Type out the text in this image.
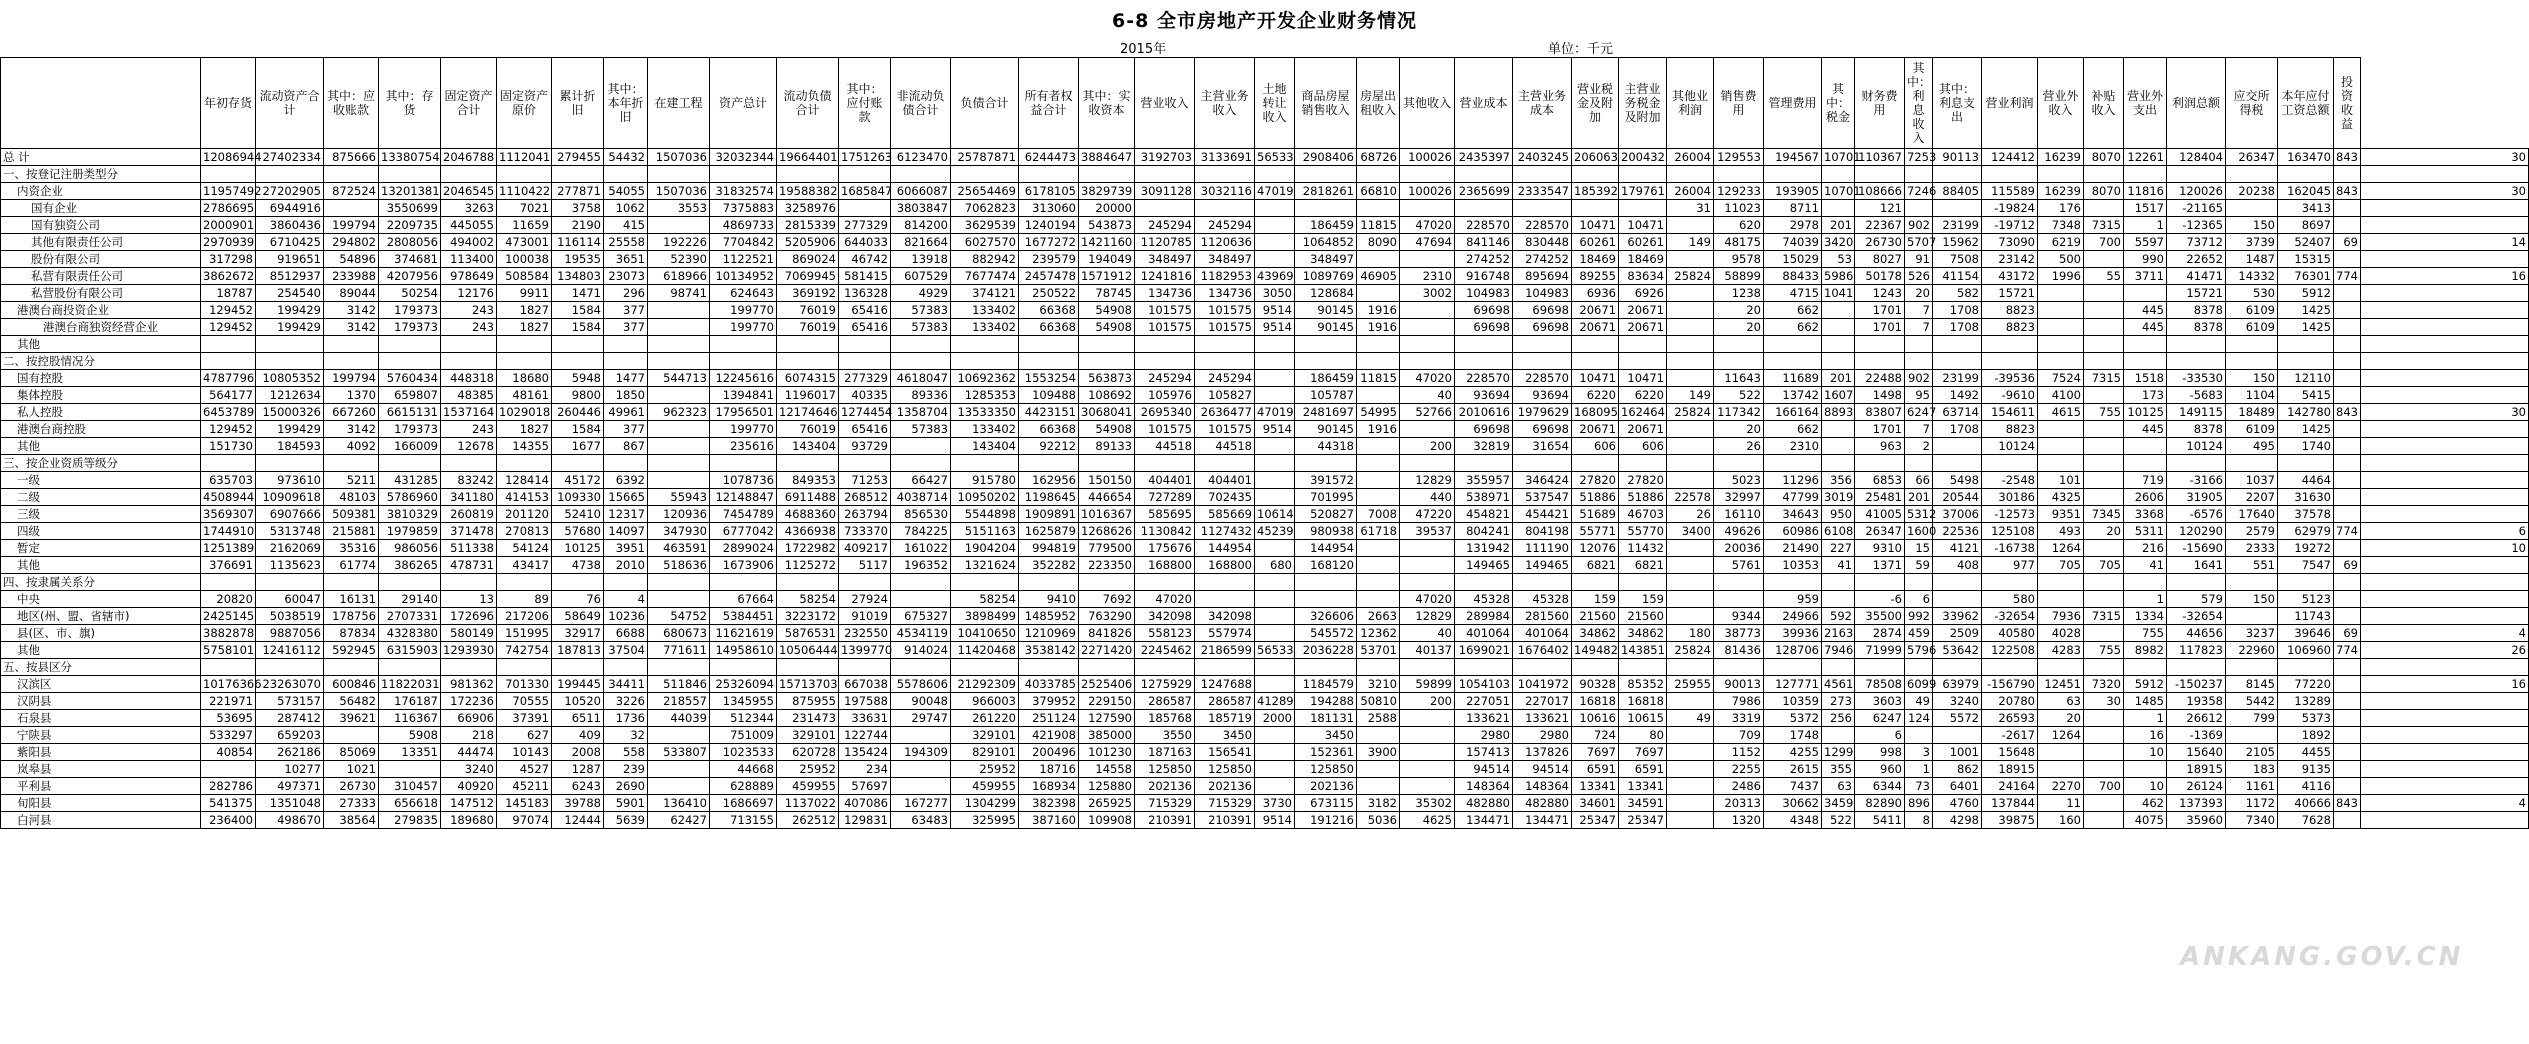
6-8 全市房地产开发企业财务情况
2015年	单位：千元
	年初存货	流动资产合计	其中：应收账款	其中：存货	固定资产合计	固定资产原价	累计折旧	其中：本年折旧	在建工程	资产总计	流动负债合计	其中：应付账款	非流动负债合计	负债合计	所有者权益合计	其中：实收资本	营业收入	主营业务收入	土地转让收入	商品房屋销售收入	房屋出租收入	其他收入	营业成本	主营业务成本	营业税金及附加	主营业务税金及附加	其他业利润	销售费用	管理费用	其中：税金	财务费用	其中：利息收入	其中：利息支出	营业利润	营业外收入	补贴收入	营业外支出	利润总额	应交所得税	本年应付工资总额	投资收益	
总 计	12086944	27402334	875666	13380754	2046788	1112041	279455	54432	1507036	32032344	19664401	1751263	6123470	25787871	6244473	3884647	3192703	3133691	56533	2908406	68726	100026	2435397	2403245	206063	200432	26004	129553	194567	10701	110367	7253	90113	124412	16239	8070	12261	128404	26347	163470	843	30
一、按登记注册类型分																																										
内资企业	11957492	27202905	872524	13201381	2046545	1110422	277871	54055	1507036	31832574	19588382	1685847	6066087	25654469	6178105	3829739	3091128	3032116	47019	2818261	66810	100026	2365699	2333547	185392	179761	26004	129233	193905	10701	108666	7246	88405	115589	16239	8070	11816	120026	20238	162045	843	30
国有企业	2786695	6944916		3550699	3263	7021	3758	1062	3553	7375883	3258976		3803847	7062823	313060	20000											31	11023	8711		121			-19824	176		1517	-21165		3413		
国有独资公司	2000901	3860436	199794	2209735	445055	11659	2190	415		4869733	2815339	277329	814200	3629539	1240194	543873	245294	245294		186459	11815	47020	228570	228570	10471	10471		620	2978	201	22367	902	23199	-19712	7348	7315	1	-12365	150	8697		
其他有限责任公司	2970939	6710425	294802	2808056	494002	473001	116114	25558	192226	7704842	5205906	644033	821664	6027570	1677272	1421160	1120785	1120636		1064852	8090	47694	841146	830448	60261	60261	149	48175	74039	3420	26730	5707	15962	73090	6219	700	5597	73712	3739	52407	69	14
股份有限公司	317298	919651	54896	374681	113400	100038	19535	3651	52390	1122521	869024	46742	13918	882942	239579	194049	348497	348497		348497			274252	274252	18469	18469		9578	15029	53	8027	91	7508	23142	500		990	22652	1487	15315		
私营有限责任公司	3862672	8512937	233988	4207956	978649	508584	134803	23073	618966	10134952	7069945	581415	607529	7677474	2457478	1571912	1241816	1182953	43969	1089769	46905	2310	916748	895694	89255	83634	25824	58899	88433	5986	50178	526	41154	43172	1996	55	3711	41471	14332	76301	774	16
私营股份有限公司	18787	254540	89044	50254	12176	9911	1471	296	98741	624643	369192	136328	4929	374121	250522	78745	134736	134736	3050	128684		3002	104983	104983	6936	6926		1238	4715	1041	1243	20	582	15721				15721	530	5912		
港澳台商投资企业	129452	199429	3142	179373	243	1827	1584	377		199770	76019	65416	57383	133402	66368	54908	101575	101575	9514	90145	1916		69698	69698	20671	20671		20	662		1701	7	1708	8823			445	8378	6109	1425		
港澳台商独资经营企业	129452	199429	3142	179373	243	1827	1584	377		199770	76019	65416	57383	133402	66368	54908	101575	101575	9514	90145	1916		69698	69698	20671	20671		20	662		1701	7	1708	8823			445	8378	6109	1425		
其他																																										
二、按控股情况分																																										
国有控股	4787796	10805352	199794	5760434	448318	18680	5948	1477	544713	12245616	6074315	277329	4618047	10692362	1553254	563873	245294	245294		186459	11815	47020	228570	228570	10471	10471		11643	11689	201	22488	902	23199	-39536	7524	7315	1518	-33530	150	12110		
集体控股	564177	1212634	1370	659807	48385	48161	9800	1850		1394841	1196017	40335	89336	1285353	109488	108692	105976	105827		105787		40	93694	93694	6220	6220	149	522	13742	1607	1498	95	1492	-9610	4100		173	-5683	1104	5415		
私人控股	6453789	15000326	667260	6615131	1537164	1029018	260446	49961	962323	17956501	12174646	1274454	1358704	13533350	4423151	3068041	2695340	2636477	47019	2481697	54995	52766	2010616	1979629	168095	162464	25824	117342	166164	8893	83807	6247	63714	154611	4615	755	10125	149115	18489	142780	843	30
港澳台商控股	129452	199429	3142	179373	243	1827	1584	377		199770	76019	65416	57383	133402	66368	54908	101575	101575	9514	90145	1916		69698	69698	20671	20671		20	662		1701	7	1708	8823			445	8378	6109	1425		
其他	151730	184593	4092	166009	12678	14355	1677	867		235616	143404	93729		143404	92212	89133	44518	44518		44318		200	32819	31654	606	606		26	2310		963	2		10124				10124	495	1740		
三、按企业资质等级分																																										
一级	635703	973610	5211	431285	83242	128414	45172	6392		1078736	849353	71253	66427	915780	162956	150150	404401	404401		391572		12829	355957	346424	27820	27820		5023	11296	356	6853	66	5498	-2548	101		719	-3166	1037	4464		
二级	4508944	10909618	48103	5786960	341180	414153	109330	15665	55943	12148847	6911488	268512	4038714	10950202	1198645	446654	727289	702435		701995		440	538971	537547	51886	51886	22578	32997	47799	3019	25481	201	20544	30186	4325		2606	31905	2207	31630		
三级	3569307	6907666	509381	3810329	260819	201120	52410	12317	120936	7454789	4688360	263794	856530	5544898	1909891	1016367	585695	585669	10614	520827	7008	47220	454821	454421	51689	46703	26	16110	34643	950	41005	5312	37006	-12573	9351	7345	3368	-6576	17640	37578		
四级	1744910	5313748	215881	1979859	371478	270813	57680	14097	347930	6777042	4366938	733370	784225	5151163	1625879	1268626	1130842	1127432	45239	980938	61718	39537	804241	804198	55771	55770	3400	49626	60986	6108	26347	1600	22536	125108	493	20	5311	120290	2579	62979	774	6
暂定	1251389	2162069	35316	986056	511338	54124	10125	3951	463591	2899024	1722982	409217	161022	1904204	994819	779500	175676	144954		144954			131942	111190	12076	11432		20036	21490	227	9310	15	4121	-16738	1264		216	-15690	2333	19272		10
其他	376691	1135623	61774	386265	478731	43417	4738	2010	518636	1673906	1125272	5117	196352	1321624	352282	223350	168800	168800	680	168120			149465	149465	6821	6821		5761	10353	41	1371	59	408	977	705	705	41	1641	551	7547	69	
四、按隶属关系分																																										
中央	20820	60047	16131	29140	13	89	76	4		67664	58254	27924		58254	9410	7692	47020					47020	45328	45328	159	159			959		-6	6		580			1	579	150	5123		
地区(州、盟、省辖市)	2425145	5038519	178756	2707331	172696	217206	58649	10236	54752	5384451	3223172	91019	675327	3898499	1485952	763290	342098	342098		326606	2663	12829	289984	281560	21560	21560		9344	24966	592	35500	992	33962	-32654	7936	7315	1334	-32654		11743		
县(区、市、旗)	3882878	9887056	87834	4328380	580149	151995	32917	6688	680673	11621619	5876531	232550	4534119	10410650	1210969	841826	558123	557974		545572	12362	40	401064	401064	34862	34862	180	38773	39936	2163	2874	459	2509	40580	4028		755	44656	3237	39646	69	4
其他	5758101	12416112	592945	6315903	1293930	742754	187813	37504	771611	14958610	10506444	1399770	914024	11420468	3538142	2271420	2245462	2186599	56533	2036228	53701	40137	1699021	1676402	149482	143851	25824	81436	128706	7946	71999	5796	53642	122508	4283	755	8982	117823	22960	106960	774	26
五、按县区分																																										
汉滨区	10176366	23263070	600846	11822031	981362	701330	199445	34411	511846	25326094	15713703	667038	5578606	21292309	4033785	2525406	1275929	1247688		1184579	3210	59899	1054103	1041972	90328	85352	25955	90013	127771	4561	78508	6099	63979	-156790	12451	7320	5912	-150237	8145	77220		16
汉阴县	221971	573157	56482	176187	172236	70555	10520	3226	218557	1345955	875955	197588	90048	966003	379952	229150	286587	286587	41289	194288	50810	200	227051	227017	16818	16818		7986	10359	273	3603	49	3240	20780	63	30	1485	19358	5442	13289		
石泉县	53695	287412	39621	116367	66906	37391	6511	1736	44039	512344	231473	33631	29747	261220	251124	127590	185768	185719	2000	181131	2588		133621	133621	10616	10615	49	3319	5372	256	6247	124	5572	26593	20		1	26612	799	5373		
宁陕县	533297	659203		5908	218	627	409	32		751009	329101	122744		329101	421908	385000	3550	3450		3450			2980	2980	724	80		709	1748		6			-2617	1264		16	-1369		1892		
紫阳县	40854	262186	85069	13351	44474	10143	2008	558	533807	1023533	620728	135424	194309	829101	200496	101230	187163	156541		152361	3900		157413	137826	7697	7697		1152	4255	1299	998	3	1001	15648			10	15640	2105	4455		
岚皋县		10277	1021		3240	4527	1287	239		44668	25952	234		25952	18716	14558	125850	125850		125850			94514	94514	6591	6591		2255	2615	355	960	1	862	18915				18915	183	9135		
平利县	282786	497371	26730	310457	40920	45211	6243	2690		628889	459955	57697		459955	168934	125880	202136	202136		202136			148364	148364	13341	13341		2486	7437	63	6344	73	6401	24164	2270	700	10	26124	1161	4116		
旬阳县	541375	1351048	27333	656618	147512	145183	39788	5901	136410	1686697	1137022	407086	167277	1304299	382398	265925	715329	715329	3730	673115	3182	35302	482880	482880	34601	34591		20313	30662	3459	82890	896	4760	137844	11		462	137393	1172	40666	843	4
白河县	236400	498670	38564	279835	189680	97074	12444	5639	62427	713155	262512	129831	63483	325995	387160	109908	210391	210391	9514	191216	5036	4625	134471	134471	25347	25347		1320	4348	522	5411	8	4298	39875	160		4075	35960	7340	7628		
ANKANG.GOV.CN
